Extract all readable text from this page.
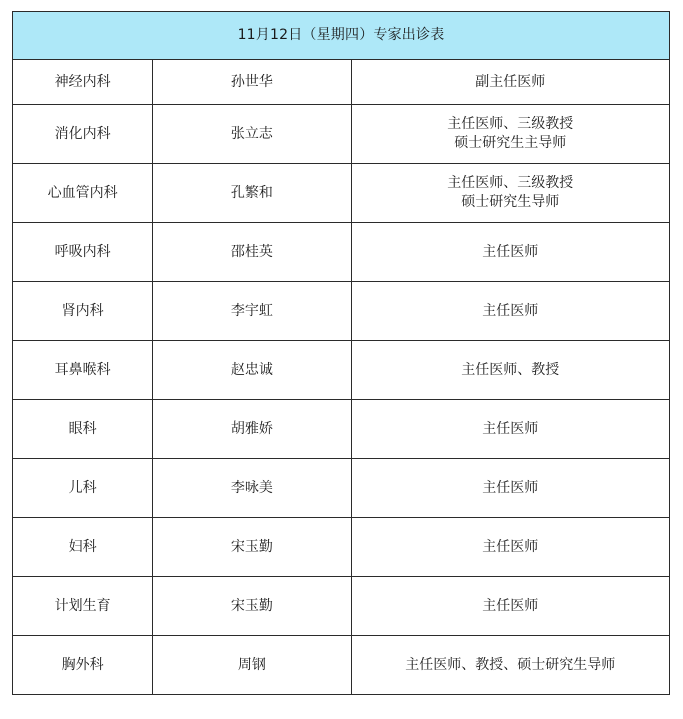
11月12日（星期四）专家出诊表		
神经内科	孙世华	副主任医师

消化内科	张立志	主任医师、三级教授
硕士研究生主导师

心血管内科	孔繁和	主任医师、三级教授
硕士研究生导师

呼吸内科	邵桂英	主任医师

肾内科	李宇虹	主任医师

耳鼻喉科	赵忠诚	主任医师、教授

眼科	胡雅娇	主任医师

儿科	李咏美	主任医师

妇科	宋玉勤	主任医师

计划生育	宋玉勤	主任医师

胸外科	周钢	主任医师、教授、硕士研究生导师
